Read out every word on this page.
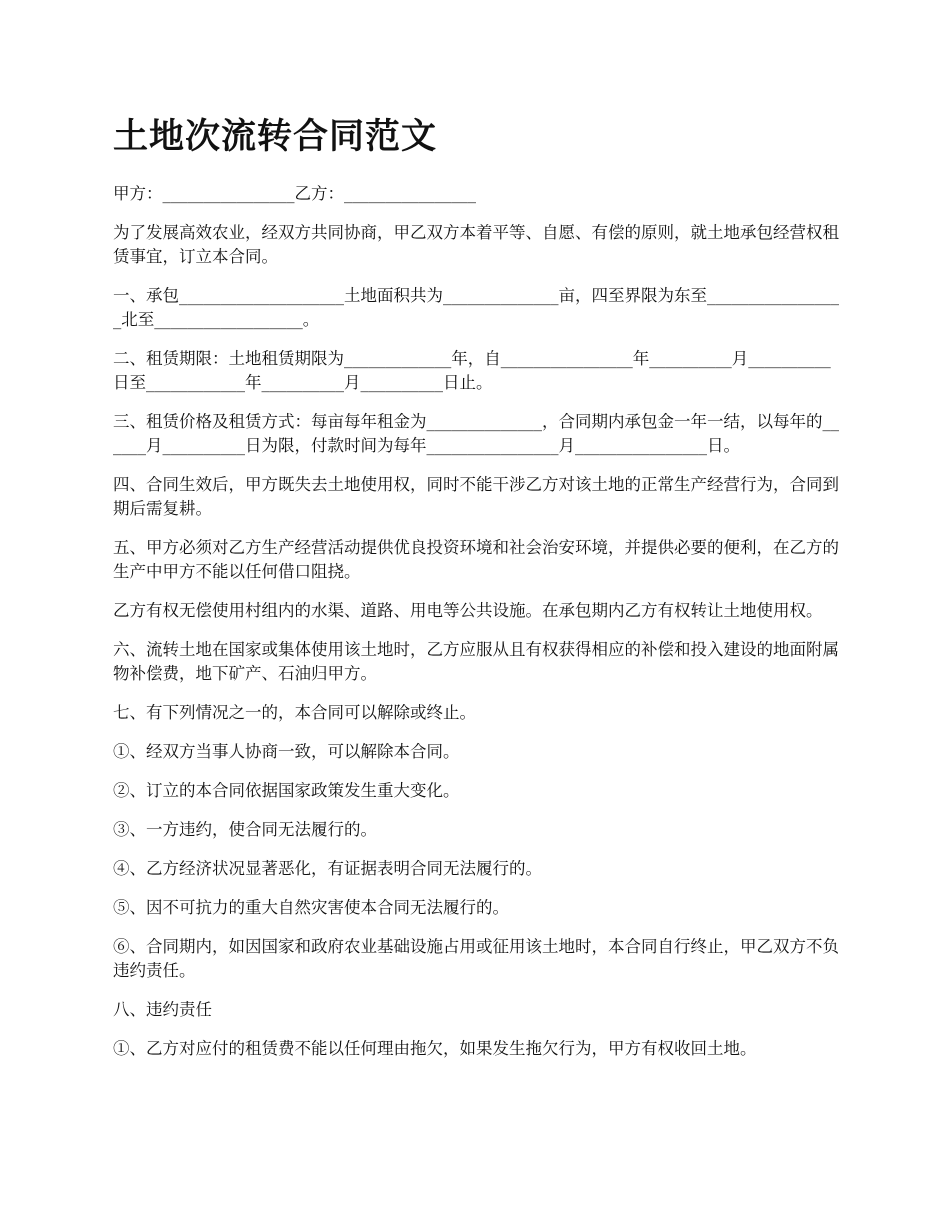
土地次流转合同范文

甲方：________________乙方：________________

为了发展高效农业，经双方共同协商，甲乙双方本着平等、自愿、有偿的原则，就土地承包经营权租赁事宜，订立本合同。

一、承包____________________土地面积共为______________亩，四至界限为东至_________________北至__________________。

二、租赁期限：土地租赁期限为_____________年，自________________年__________月__________日至____________年__________月__________日止。

三、租赁价格及租赁方式：每亩每年租金为______________，合同期内承包金一年一结，以每年的______月__________日为限，付款时间为每年________________月________________日。

四、合同生效后，甲方既失去土地使用权，同时不能干涉乙方对该土地的正常生产经营行为，合同到期后需复耕。

五、甲方必须对乙方生产经营活动提供优良投资环境和社会治安环境，并提供必要的便利，在乙方的生产中甲方不能以任何借口阻挠。

乙方有权无偿使用村组内的水渠、道路、用电等公共设施。在承包期内乙方有权转让土地使用权。

六、流转土地在国家或集体使用该土地时，乙方应服从且有权获得相应的补偿和投入建设的地面附属物补偿费，地下矿产、石油归甲方。

七、有下列情况之一的，本合同可以解除或终止。

①、经双方当事人协商一致，可以解除本合同。

②、订立的本合同依据国家政策发生重大变化。

③、一方违约，使合同无法履行的。

④、乙方经济状况显著恶化，有证据表明合同无法履行的。

⑤、因不可抗力的重大自然灾害使本合同无法履行的。

⑥、合同期内，如因国家和政府农业基础设施占用或征用该土地时，本合同自行终止，甲乙双方不负违约责任。

八、违约责任

①、乙方对应付的租赁费不能以任何理由拖欠，如果发生拖欠行为，甲方有权收回土地。
